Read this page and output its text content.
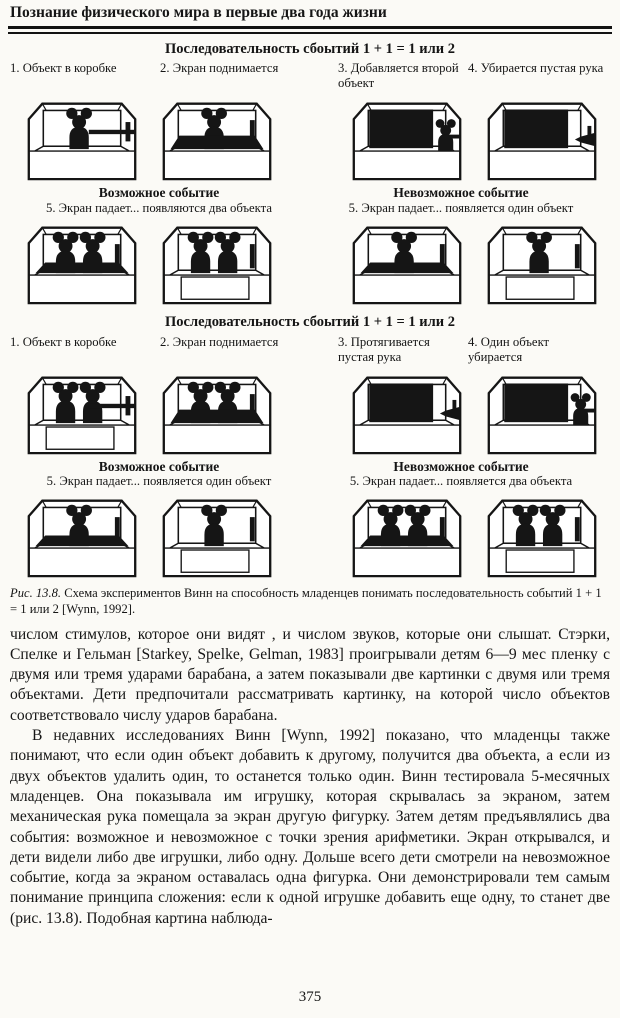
Познание физического мира в первые два года жизни
Последовательность сбоытий 1 + 1 = 1 или 2
1. Объект в коробке	2. Экран поднимается	3. Добавляется второй объект
4. Убирается пустая рука
Возможное событие
5. Экран падает... появляются два объекта
Невозможное событие
5. Экран падает... появляется один объект
Последовательность сбоытий 1 + 1 = 1 или 2
1. Объект в коробке	2. Экран поднимается	3. Протягивается пустая рука
4. Один объект убирается
Возможное событие
5. Экран падает... появляется один объект
Невозможное событие
5. Экран падает... появляется два объекта
Рис. 13.8. Схема экспериментов Винн на способность младенцев понимать последовательность событий 1 + 1 = 1 или 2 [Wynn, 1992].

числом стимулов, которое они видят , и числом звуков, которые они слышат. Стэрки, Спелке и Гельман [Starkey, Spelke, Gelman, 1983] проигрывали детям 6—9 мес пленку с двумя или тремя ударами барабана, а затем показывали две картинки с двумя или тремя объектами. Дети предпочитали рассматривать картинку, на которой число объектов соответствовало числу ударов барабана.

В недавних исследованиях Винн [Wynn, 1992] показано, что младенцы также понимают, что если один объект добавить к другому, получится два объекта, а если из двух объектов удалить один, то останется только один. Винн тестировала 5-месячных младенцев. Она показывала им игрушку, которая скрывалась за экраном, затем механическая рука помещала за экран другую фигурку. Затем детям предъявлялись два события: возможное и невозможное с точки зрения арифметики. Экран открывался, и дети видели либо две игрушки, либо одну. Дольше всего дети смотрели на невозможное событие, когда за экраном оставалась одна фигурка. Они демонстрировали тем самым понимание принципа сложения: если к одной игрушке добавить еще одну, то станет две (рис. 13.8). Подобная картина наблюда-

375
